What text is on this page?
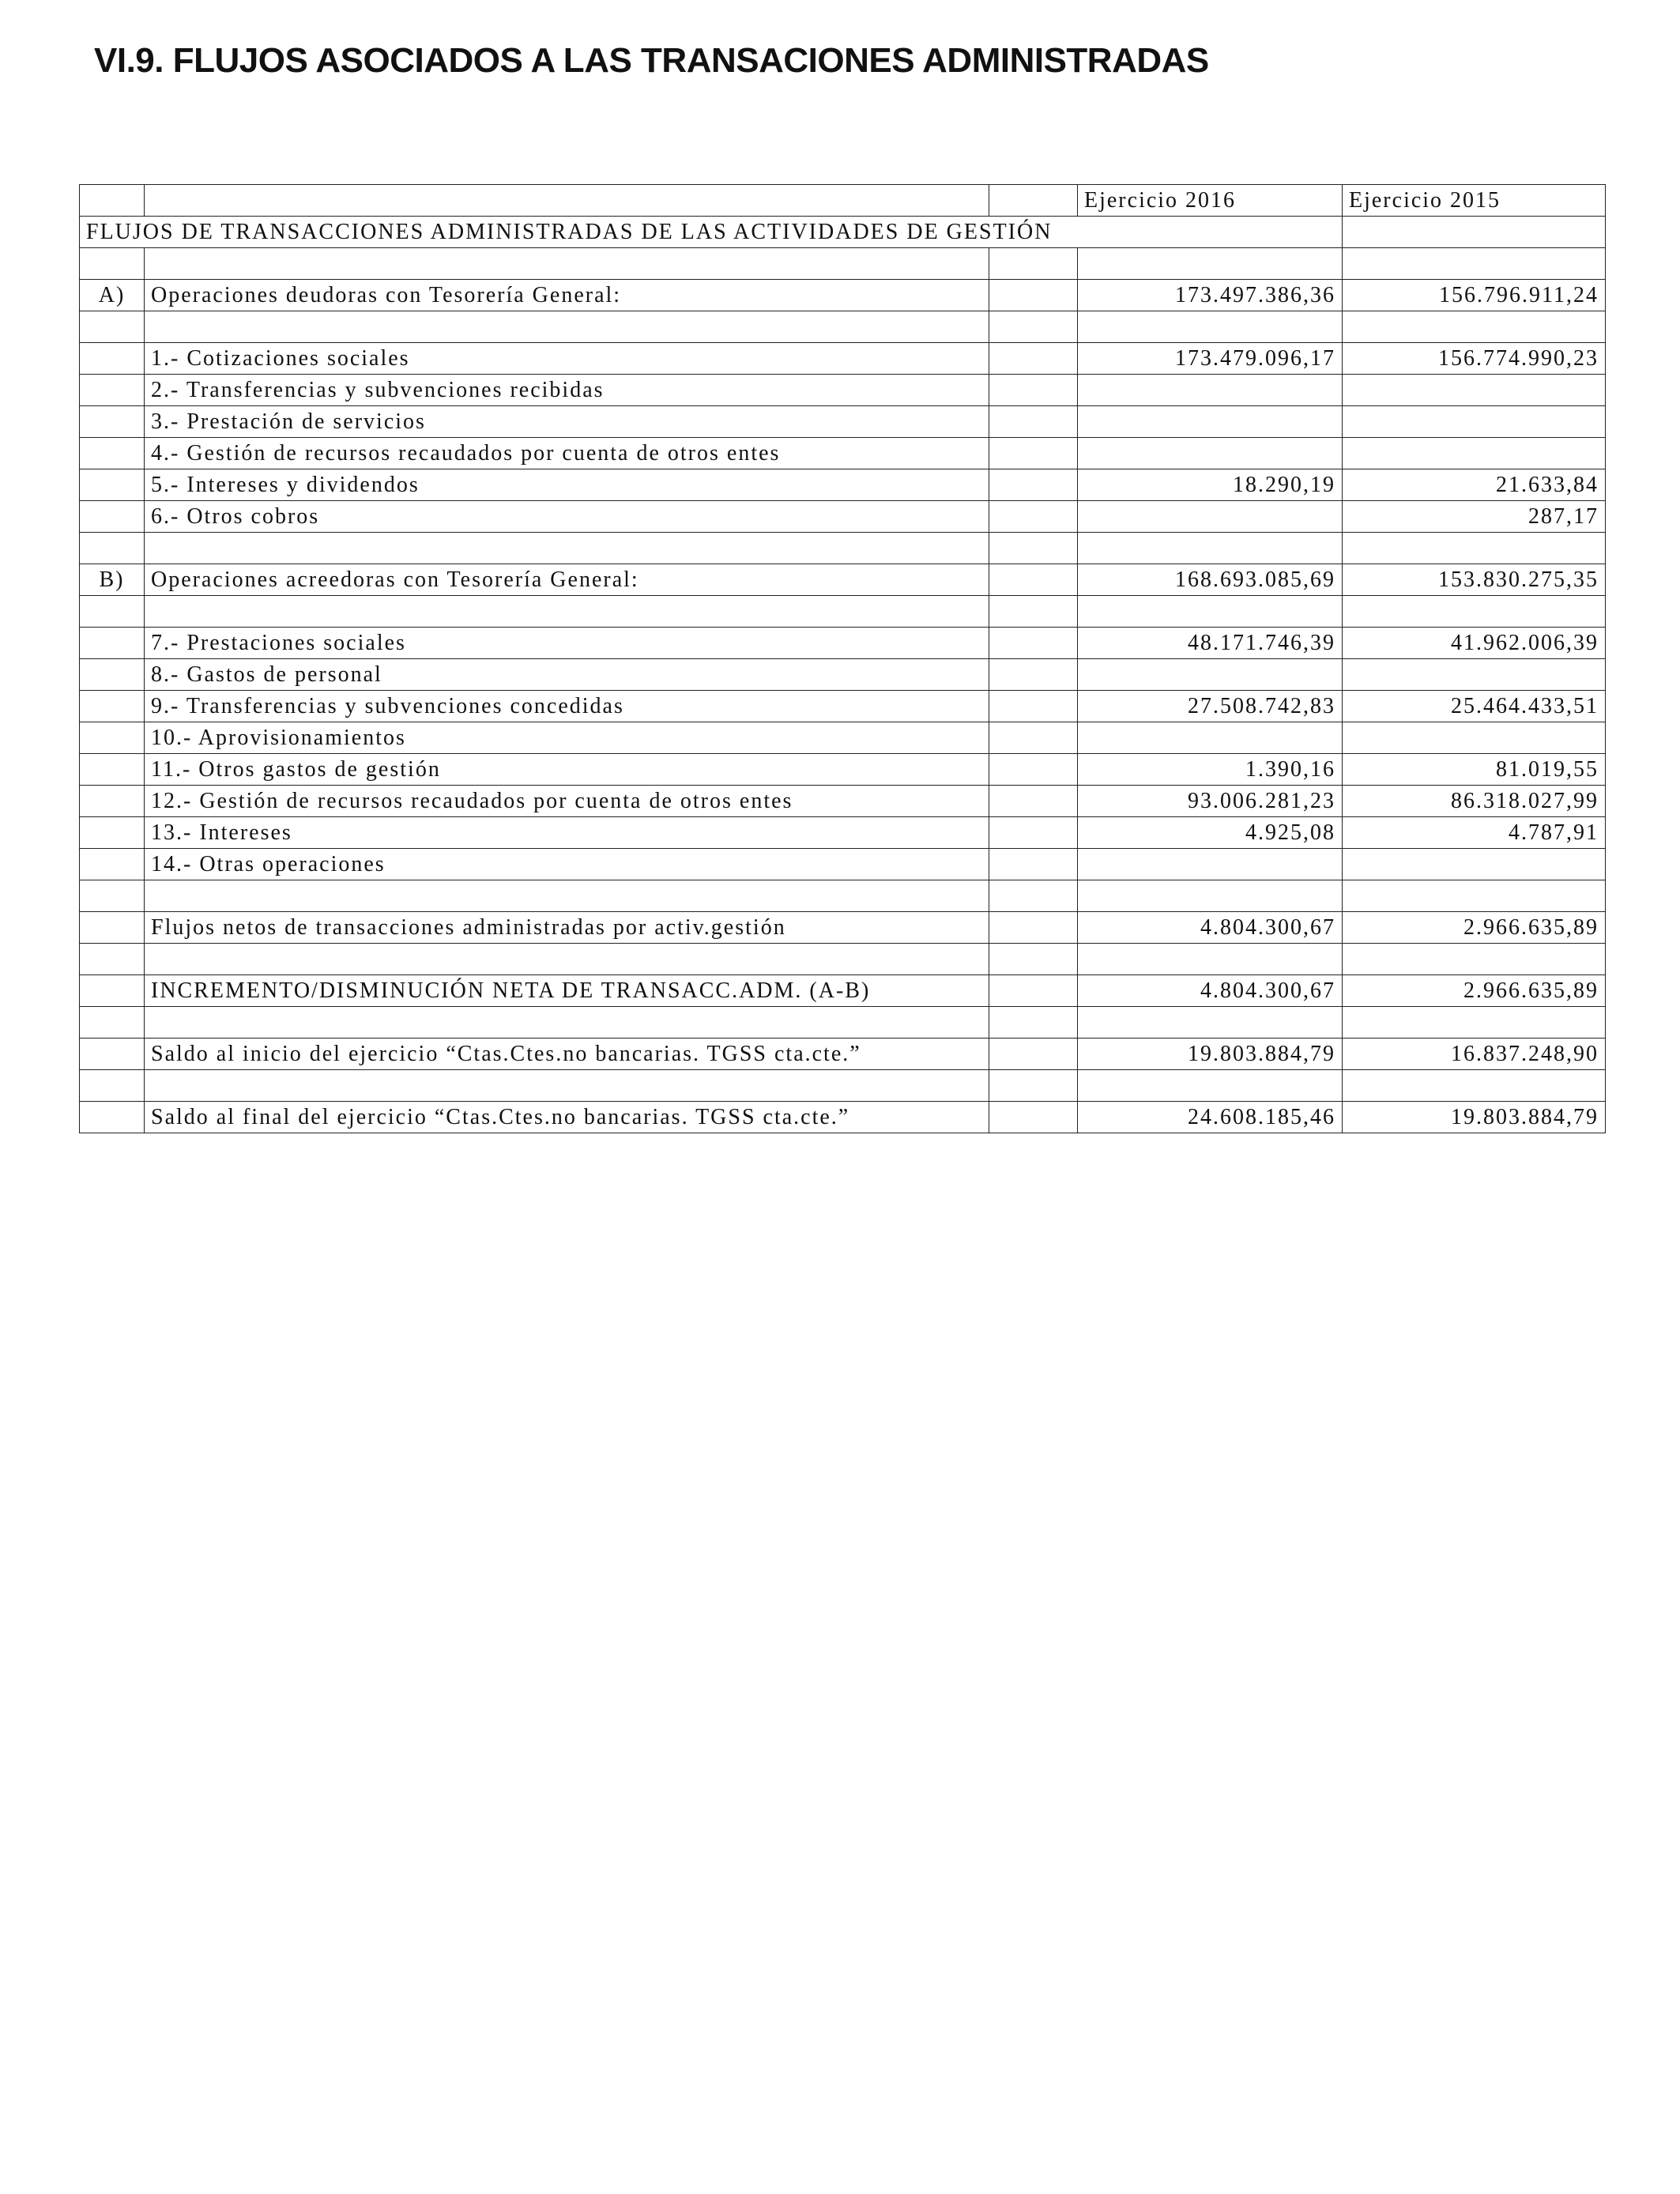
VI.9. FLUJOS ASOCIADOS A LAS TRANSACIONES ADMINISTRADAS
			Ejercicio 2016	Ejercicio 2015
FLUJOS DE TRANSACCIONES ADMINISTRADAS DE LAS ACTIVIDADES DE GESTIÓN				

A)	Operaciones deudoras con Tesorería General:		173.497.386,36	156.796.911,24

	1.- Cotizaciones sociales		173.479.096,17	156.774.990,23
	2.- Transferencias y subvenciones recibidas			
	3.- Prestación de servicios			
	4.- Gestión de recursos recaudados por cuenta de otros entes			
	5.- Intereses y dividendos		18.290,19	21.633,84
	6.- Otros cobros			287,17

B)	Operaciones acreedoras con Tesorería General:		168.693.085,69	153.830.275,35

	7.- Prestaciones sociales		48.171.746,39	41.962.006,39
	8.- Gastos de personal			
	9.- Transferencias y subvenciones concedidas		27.508.742,83	25.464.433,51
	10.- Aprovisionamientos			
	11.- Otros gastos de gestión		1.390,16	81.019,55
	12.- Gestión de recursos recaudados por cuenta de otros entes		93.006.281,23	86.318.027,99
	13.- Intereses		4.925,08	4.787,91
	14.- Otras operaciones			

	Flujos netos de transacciones administradas por activ.gestión		4.804.300,67	2.966.635,89

	INCREMENTO/DISMINUCIÓN NETA DE TRANSACC.ADM. (A-B)		4.804.300,67	2.966.635,89

	Saldo al inicio del ejercicio “Ctas.Ctes.no bancarias. TGSS cta.cte.”		19.803.884,79	16.837.248,90

	Saldo al final del ejercicio “Ctas.Ctes.no bancarias. TGSS cta.cte.”		24.608.185,46	19.803.884,79
